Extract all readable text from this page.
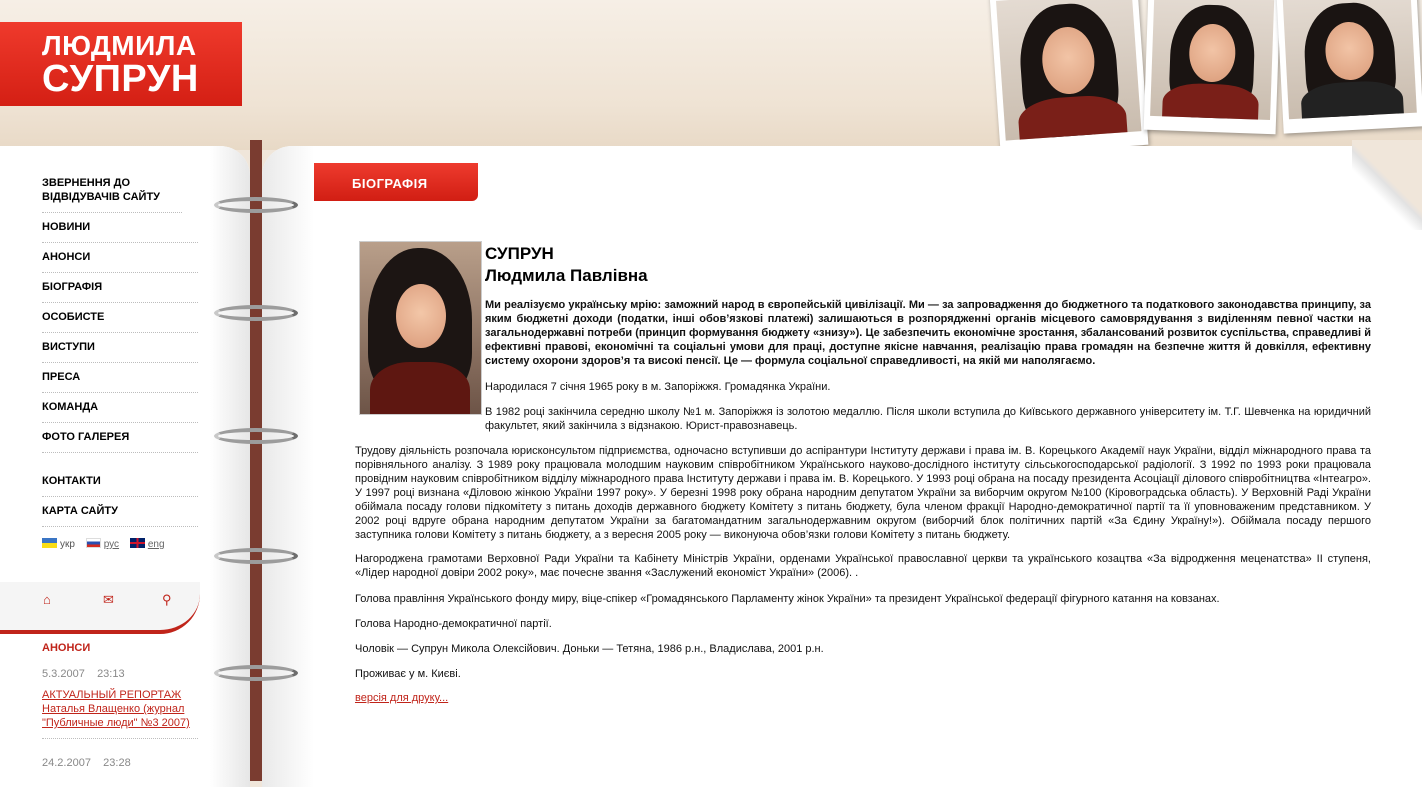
ЛЮДМИЛА
СУПРУН
ЗВЕРНЕННЯ ДО ВІДВІДУВАЧІВ САЙТУ
НОВИНИ
АНОНСИ
БІОГРАФІЯ
ОСОБИСТЕ
ВИСТУПИ
ПРЕСА
КОМАНДА
ФОТО ГАЛЕРЕЯ
КОНТАКТИ
КАРТА САЙТУ
укр	рус	eng
⌂	✉	⚲
АНОНСИ
5.3.2007 23:13
АКТУАЛЬНЫЙ РЕПОРТАЖ Наталья Влащенко (журнал "Публичные люди" №3 2007)
24.2.2007 23:28
БІОГРАФІЯ
СУПРУН
Людмила Павлівна
Ми реалізуємо українську мрію: заможний народ в європейській цивілізації. Ми — за запровадження до бюджетного та податкового законодавства принципу, за яким бюджетні доходи (податки, інші обов’язкові платежі) залишаються в розпорядженні органів місцевого самоврядування з виділенням певної частки на загальнодержавні потреби (принцип формування бюджету «знизу»). Це забезпечить економічне зростання, збалансований розвиток суспільства, справедливі й ефективні правові, економічні та соціальні умови для праці, доступне якісне навчання, реалізацію права громадян на безпечне життя й довкілля, ефективну систему охорони здоров’я та високі пенсії. Це — формула соціальної справедливості, на якій ми наполягаємо.
Народилася 7 січня 1965 року в м. Запоріжжя. Громадянка України.
В 1982 році закінчила середню школу №1 м. Запоріжжя із золотою медаллю. Після школи вступила до Київського державного університету ім. Т.Г. Шевченка на юридичний факультет, який закінчила з відзнакою. Юрист-правознавець.
Трудову діяльність розпочала юрисконсультом підприємства, одночасно вступивши до аспірантури Інституту держави і права ім. В. Корецького Академії наук України, відділ міжнародного права та порівняльного аналізу. З 1989 року працювала молодшим науковим співробітником Українського науково-дослідного інституту сільськогосподарської радіології. З 1992 по 1993 роки працювала провідним науковим співробітником відділу міжнародного права Інституту держави і права ім. В. Корецького. У 1993 році обрана на посаду президента Асоціації ділового співробітництва «Інтеагро». У 1997 році визнана «Діловою жінкою України 1997 року». У березні 1998 року обрана народним депутатом України за виборчим округом №100 (Кіровоградська область). У Верховній Раді України обіймала посаду голови підкомітету з питань доходів державного бюджету Комітету з питань бюджету, була членом фракції Народно-демократичної партії та її уповноваженим представником. У 2002 році вдруге обрана народним депутатом України за багатомандатним загальнодержавним округом (виборчий блок політичних партій «За Єдину Україну!»). Обіймала посаду першого заступника голови Комітету з питань бюджету, а з вересня 2005 року — виконуюча обов’язки голови Комітету з питань бюджету.
Нагороджена грамотами Верховної Ради України та Кабінету Міністрів України, орденами Української православної церкви та українського козацтва «За відродження меценатства» ІІ ступеня, «Лідер народної довіри 2002 року», має почесне звання «Заслужений економіст України» (2006). .
Голова правління Українського фонду миру, віце-спікер «Громадянського Парламенту жінок України» та президент Української федерації фігурного катання на ковзанах.
Голова Народно-демократичної партії.
Чоловік — Супрун Микола Олексійович. Доньки — Тетяна, 1986 р.н., Владислава, 2001 р.н.
Проживає у м. Києві.
версія для друку...
